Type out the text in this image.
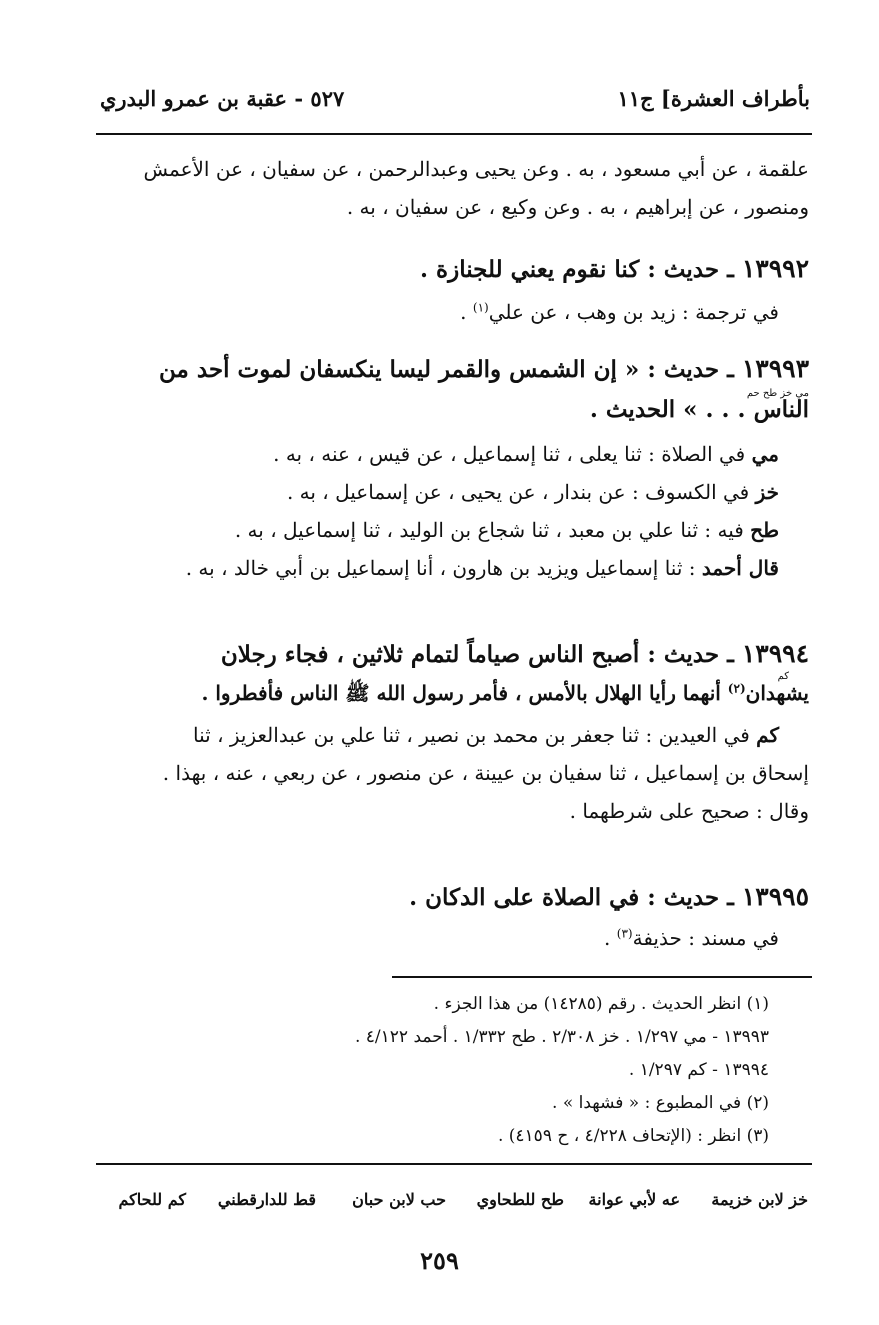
بأطراف العشرة] ج١١
٥٢٧ - عقبة بن عمرو البدري
علقمة ، عن أبي مسعود ، به . وعن يحيى وعبدالرحمن ، عن سفيان ، عن الأعمش
ومنصور ، عن إبراهيم ، به . وعن وكيع ، عن سفيان ، به .
١٣٩٩٢ ـ حديث : كنا نقوم يعني للجنازة .
في ترجمة : زيد بن وهب ، عن علي$^{(١)}$ .
١٣٩٩٣ ـ حديث : « إن الشمس والقمر ليسا ينكسفان لموت أحد من
مي خز طح حم
الناس . . . » الحديث .
مي في الصلاة : ثنا يعلى ، ثنا إسماعيل ، عن قيس ، عنه ، به .
خز في الكسوف : عن بندار ، عن يحيى ، عن إسماعيل ، به .
طح فيه : ثنا علي بن معبد ، ثنا شجاع بن الوليد ، ثنا إسماعيل ، به .
قال أحمد : ثنا إسماعيل ويزيد بن هارون ، أنا إسماعيل بن أبي خالد ، به .
١٣٩٩٤ ـ حديث : أصبح الناس صياماً لتمام ثلاثين ، فجاء رجلان
كم
يشهدان$^{(٢)}$ أنهما رأيا الهلال بالأمس ، فأمر رسول الله ﷺ الناس فأفطروا .
كم في العيدين : ثنا جعفر بن محمد بن نصير ، ثنا علي بن عبدالعزيز ، ثنا
إسحاق بن إسماعيل ، ثنا سفيان بن عيينة ، عن منصور ، عن ربعي ، عنه ، بهذا .
وقال : صحيح على شرطهما .
١٣٩٩٥ ـ حديث : في الصلاة على الدكان .
في مسند : حذيفة$^{(٣)}$ .
(١) انظر الحديث . رقم (١٤٢٨٥) من هذا الجزء .
١٣٩٩٣ - مي ١/٢٩٧ . خز ٢/٣٠٨ . طح ١/٣٣٢ . أحمد ٤/١٢٢ .
١٣٩٩٤ - كم ١/٢٩٧ .
(٢) في المطبوع : « فشهدا » .
(٣) انظر : (الإتحاف ٤/٢٢٨ ، ح ٤١٥٩) .
خز لابن خزيمة
عه لأبي عوانة
طح للطحاوي
حب لابن حبان
قط للدارقطني
كم للحاكم
٢٥٩
